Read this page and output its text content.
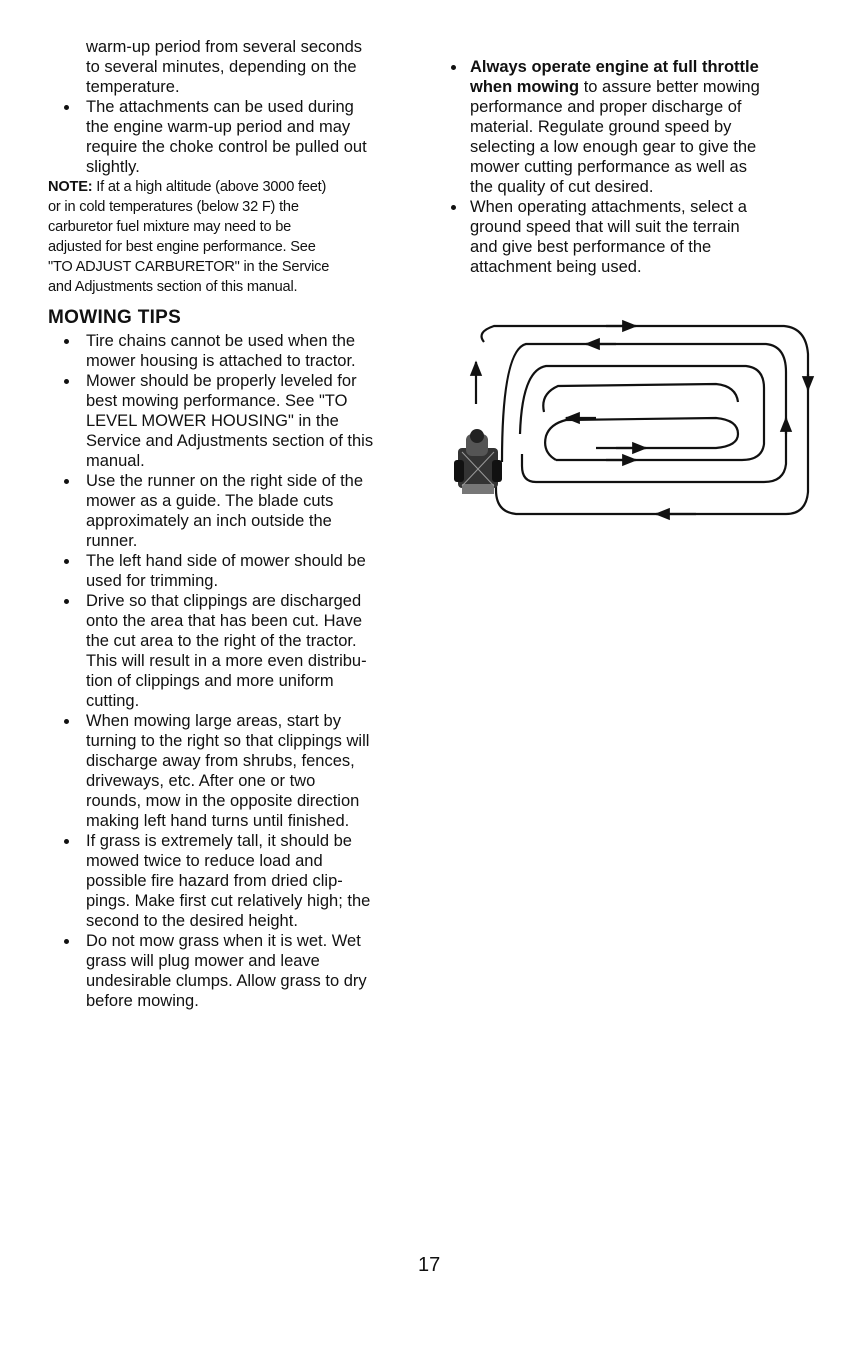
warm-up period from several seconds
to several minutes, depending on the
temperature.
The attachments can be used during
the engine warm-up period and may
require the choke control be pulled out
slightly.
NOTE: If at a high altitude (above 3000 feet)
or in cold temperatures (below 32 F) the
carburetor fuel mixture may need to be
adjusted for best engine performance. See
"TO ADJUST CARBURETOR" in the Service
and Adjustments section of this manual.
MOWING TIPS
Tire chains cannot be used when the
mower housing is attached to tractor.
Mower should be properly leveled for
best mowing performance. See "TO
LEVEL MOWER HOUSING" in the
Service and Adjustments section of this
manual.
Use the runner on the right side of the
mower as a guide. The blade cuts
approximately an inch outside the
runner.
The left hand side of mower should be
used for trimming.
Drive so that clippings are discharged
onto the area that has been cut. Have
the cut area to the right of the tractor.
This will result in a more even distribu-
tion of clippings and more uniform
cutting.
When mowing large areas, start by
turning to the right so that clippings will
discharge away from shrubs, fences,
driveways, etc. After one or two
rounds, mow in the opposite direction
making left hand turns until finished.
If grass is extremely tall, it should be
mowed twice to reduce load and
possible fire hazard from dried clip-
pings. Make first cut relatively high; the
second to the desired height.
Do not mow grass when it is wet. Wet
grass will plug mower and leave
undesirable clumps. Allow grass to dry
before mowing.
Always operate engine at full throttle
when mowing to assure better mowing
performance and proper discharge of
material. Regulate ground speed by
selecting a low enough gear to give the
mower cutting performance as well as
the quality of cut desired.
When operating attachments, select a
ground speed that will suit the terrain
and give best performance of the
attachment being used.
17
